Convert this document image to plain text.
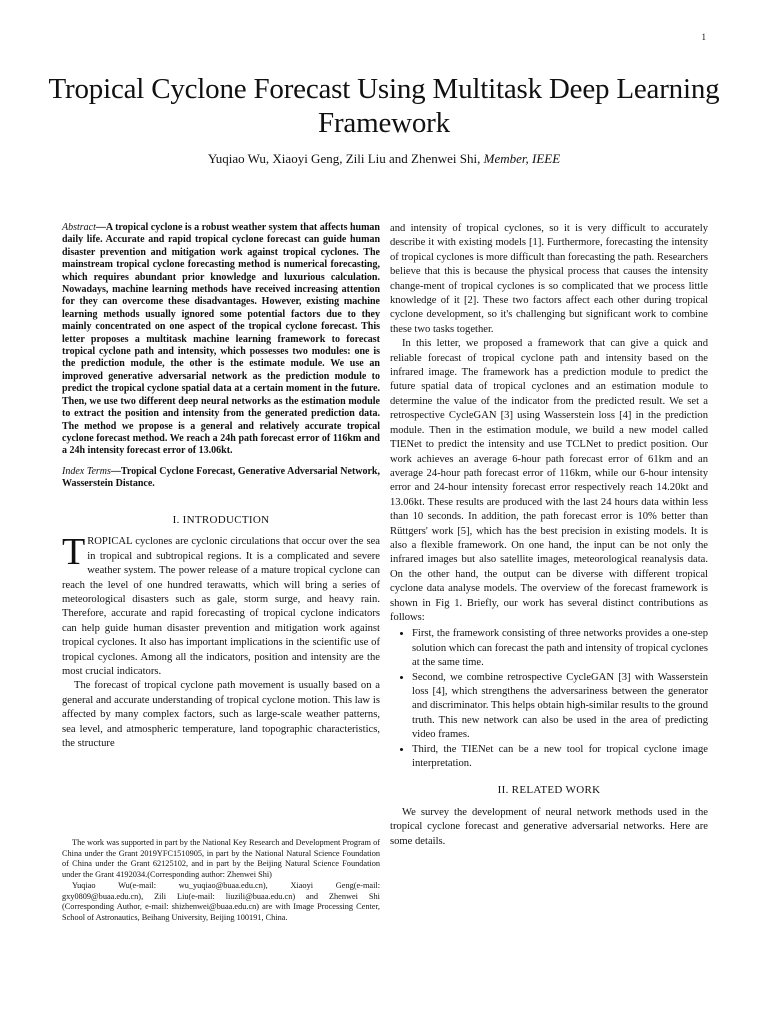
1
Tropical Cyclone Forecast Using Multitask Deep Learning Framework
Yuqiao Wu, Xiaoyi Geng, Zili Liu and Zhenwei Shi, Member, IEEE
Abstract—A tropical cyclone is a robust weather system that affects human daily life. Accurate and rapid tropical cyclone forecast can guide human disaster prevention and mitigation work against tropical cyclones. The mainstream tropical cyclone forecasting method is numerical forecasting, which requires abundant prior knowledge and luxurious calculation. Nowadays, machine learning methods have received increasing attention for they can overcome these disadvantages. However, existing machine learning methods usually ignored some potential factors due to they mainly concentrated on one aspect of the tropical cyclone forecast. This letter proposes a multitask machine learning framework to forecast tropical cyclone path and intensity, which possesses two modules: one is the prediction module, the other is the estimate module. We use an improved generative adversarial network as the prediction module to predict the tropical cyclone spatial data at a certain moment in the future. Then, we use two different deep neural networks as the estimation module to extract the position and intensity from the generated prediction data. The method we propose is a general and relatively accurate tropical cyclone forecast method. We reach a 24h path forecast error of 116km and a 24h intensity forecast error of 13.06kt.
Index Terms—Tropical Cyclone Forecast, Generative Adversarial Network, Wasserstein Distance.
I. INTRODUCTION

TROPICAL cyclones are cyclonic circulations that occur over the sea in tropical and subtropical regions. It is a complicated and severe weather system. The power release of a mature tropical cyclone can reach the level of one hundred terawatts, which will bring a series of meteorological disasters such as gale, storm surge, and heavy rain. Therefore, accurate and rapid forecasting of tropical cyclone indicators can help guide human disaster prevention and mitigation work against tropical cyclones. It also has important implications in the scientific use of tropical cyclones. Among all the indicators, position and intensity are the most crucial indicators.

The forecast of tropical cyclone path movement is usually based on a general and accurate understanding of tropical cyclone motion. This law is affected by many complex factors, such as large-scale weather patterns, sea level, and atmospheric temperature, land topographic characteristics, the structure

The work was supported in part by the National Key Research and Development Program of China under the Grant 2019YFC1510905, in part by the National Natural Science Foundation of China under the Grant 62125102, and in part by the Beijing Natural Science Foundation under the Grant 4192034.(Corresponding author: Zhenwei Shi)

Yuqiao Wu(e-mail: wu_yuqiao@buaa.edu.cn), Xiaoyi Geng(e-mail: gxy0809@buaa.edu.cn), Zili Liu(e-mail: liuzili@buaa.edu.cn) and Zhenwei Shi (Corresponding Author, e-mail: shizhenwei@buaa.edu.cn) are with Image Processing Center, School of Astronautics, Beihang University, Beijing 100191, China.

and intensity of tropical cyclones, so it is very difficult to accurately describe it with existing models [1]. Furthermore, forecasting the intensity of tropical cyclones is more difficult than forecasting the path. Researchers believe that this is because the physical process that causes the intensity change-ment of tropical cyclones is so complicated that we process little knowledge of it [2]. These two factors affect each other during tropical cyclone development, so it's challenging but significant work to combine these two tasks together.

In this letter, we proposed a framework that can give a quick and reliable forecast of tropical cyclone path and intensity based on the infrared image. The framework has a prediction module to predict the future spatial data of tropical cyclones and an estimation module to determine the value of the indicator from the predicted result. We set a retrospective CycleGAN [3] using Wasserstein loss [4] in the prediction module. Then in the estimation module, we build a new model called TIENet to predict the intensity and use TCLNet to predict position. Our work achieves an average 6-hour path forecast error of 61km and an average 24-hour path forecast error of 116km, while our 6-hour intensity error and 24-hour intensity forecast error respectively reach 14.20kt and 13.06kt. These results are produced with the last 24 hours data within less than 10 seconds. In addition, the path forecast error is 10% better than Rüttgers' work [5], which has the best precision in existing models. It is also a flexible framework. On one hand, the input can be not only the infrared images but also satellite images, meteorological reanalysis data. On the other hand, the output can be diverse with different tropical cyclone data analyse models. The overview of the forecast framework is shown in Fig 1. Briefly, our work has several distinct contributions as follows:

• First, the framework consisting of three networks provides a one-step solution which can forecast the path and intensity of tropical cyclones at the same time.
• Second, we combine retrospective CycleGAN [3] with Wasserstein loss [4], which strengthens the adversariness between the generator and discriminator. This helps obtain high-similar results to the ground truth. This new network can also be used in the area of predicting video frames.
• Third, the TIENet can be a new tool for tropical cyclone image interpretation.
II. RELATED WORK

We survey the development of neural network methods used in the tropical cyclone forecast and generative adversarial networks. Here are some details.
